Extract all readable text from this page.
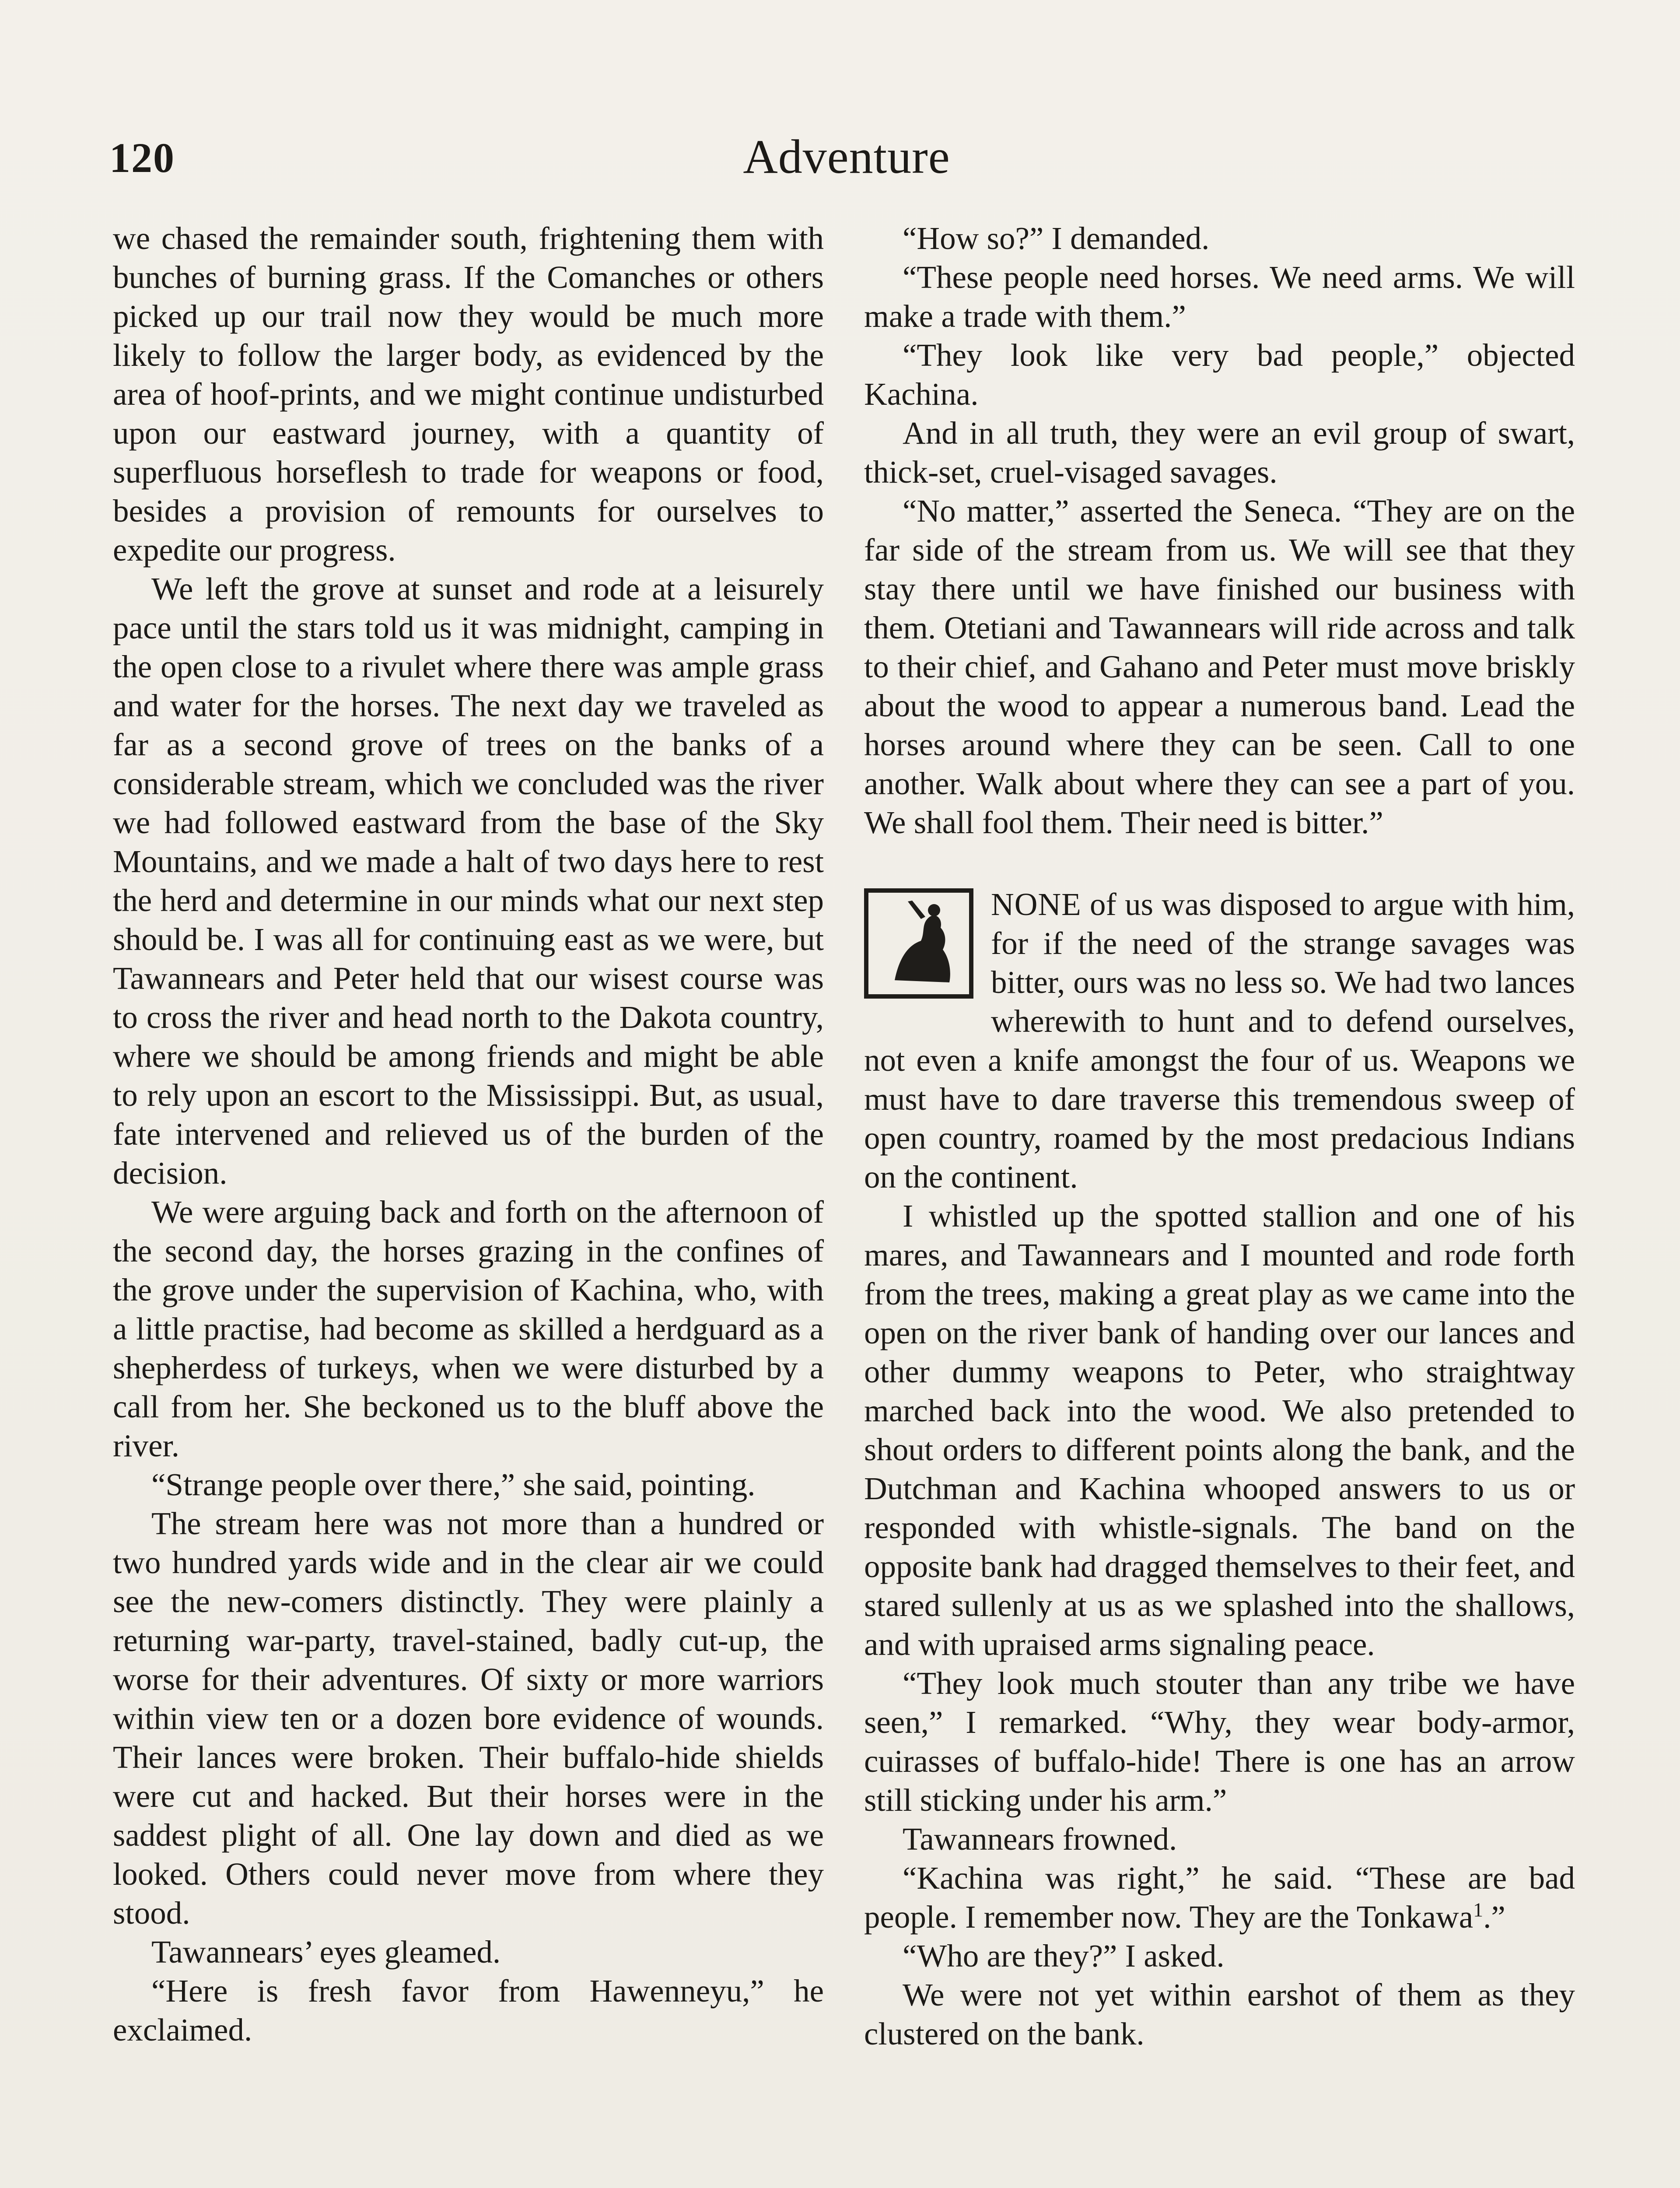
120	Adventure

we chased the remainder south, frightening them with bunches of burning grass. If the Comanches or others picked up our trail now they would be much more likely to follow the larger body, as evidenced by the area of hoof-prints, and we might continue undisturbed upon our eastward journey, with a quantity of superfluous horseflesh to trade for weapons or food, besides a provision of remounts for ourselves to expedite our progress.

We left the grove at sunset and rode at a leisurely pace until the stars told us it was midnight, camping in the open close to a rivulet where there was ample grass and water for the horses. The next day we traveled as far as a second grove of trees on the banks of a considerable stream, which we concluded was the river we had followed eastward from the base of the Sky Mountains, and we made a halt of two days here to rest the herd and determine in our minds what our next step should be. I was all for continuing east as we were, but Tawannears and Peter held that our wisest course was to cross the river and head north to the Dakota country, where we should be among friends and might be able to rely upon an escort to the Mississippi. But, as usual, fate intervened and relieved us of the burden of the decision.

We were arguing back and forth on the afternoon of the second day, the horses grazing in the confines of the grove under the supervision of Kachina, who, with a little practise, had become as skilled a herdguard as a shepherdess of turkeys, when we were disturbed by a call from her. She beckoned us to the bluff above the river.

“Strange people over there,” she said, pointing.

The stream here was not more than a hundred or two hundred yards wide and in the clear air we could see the new-comers distinctly. They were plainly a returning war-party, travel-stained, badly cut-up, the worse for their adventures. Of sixty or more warriors within view ten or a dozen bore evidence of wounds. Their lances were broken. Their buffalo-hide shields were cut and hacked. But their horses were in the saddest plight of all. One lay down and died as we looked. Others could never move from where they stood.

Tawannears’ eyes gleamed.

“Here is fresh favor from Hawenneyu,” he exclaimed.

“How so?” I demanded.

“These people need horses. We need arms. We will make a trade with them.”

“They look like very bad people,” objected Kachina.

And in all truth, they were an evil group of swart, thick-set, cruel-visaged savages.

“No matter,” asserted the Seneca. “They are on the far side of the stream from us. We will see that they stay there until we have finished our business with them. Otetiani and Tawannears will ride across and talk to their chief, and Gahano and Peter must move briskly about the wood to appear a numerous band. Lead the horses around where they can be seen. Call to one another. Walk about where they can see a part of you. We shall fool them. Their need is bitter.”

NONE of us was disposed to argue with him, for if the need of the strange savages was bitter, ours was no less so. We had two lances wherewith to hunt and to defend ourselves, not even a knife amongst the four of us. Weapons we must have to dare traverse this tremendous sweep of open country, roamed by the most predacious Indians on the continent.

I whistled up the spotted stallion and one of his mares, and Tawannears and I mounted and rode forth from the trees, making a great play as we came into the open on the river bank of handing over our lances and other dummy weapons to Peter, who straightway marched back into the wood. We also pretended to shout orders to different points along the bank, and the Dutchman and Kachina whooped answers to us or responded with whistle-signals. The band on the opposite bank had dragged themselves to their feet, and stared sullenly at us as we splashed into the shallows, and with upraised arms signaling peace.

“They look much stouter than any tribe we have seen,” I remarked. “Why, they wear body-armor, cuirasses of buffalo-hide! There is one has an arrow still sticking under his arm.”

Tawannears frowned.

“Kachina was right,” he said. “These are bad people. I remember now. They are the Tonkawa$^1$.”

“Who are they?” I asked.

We were not yet within earshot of them as they clustered on the bank.
